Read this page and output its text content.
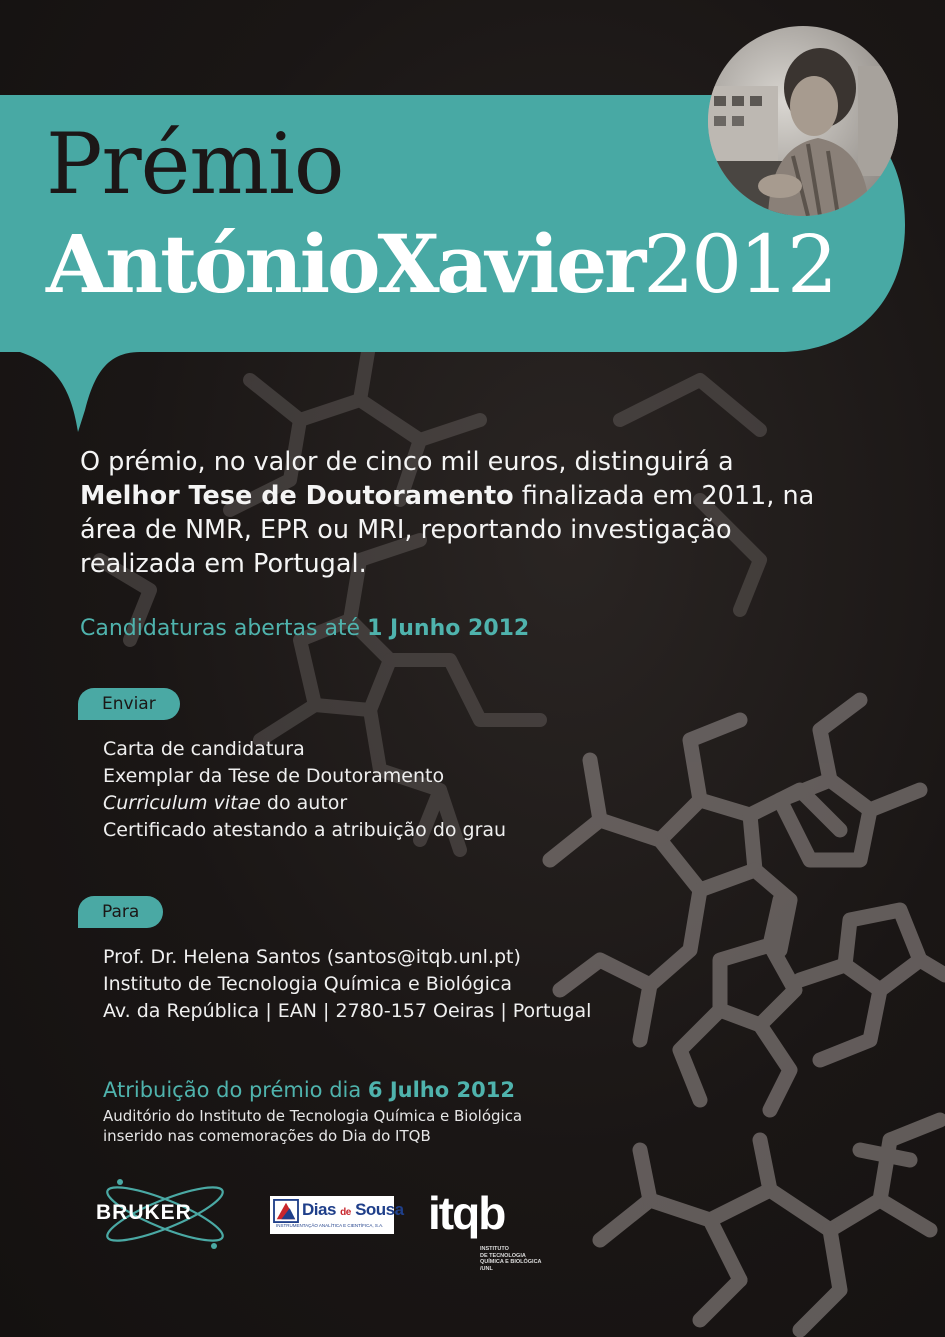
Prémio
AntónioXavier2012
O prémio, no valor de cinco mil euros, distinguirá a
Melhor Tese de Doutoramento finalizada em 2011, na área de NMR, EPR ou MRI, reportando investigação realizada em Portugal.
Candidaturas abertas até 1 Junho 2012
Enviar
Carta de candidatura
Exemplar da Tese de Doutoramento
Curriculum vitae do autor
Certificado atestando a atribuição do grau
Para
Prof. Dr. Helena Santos (santos@itqb.unl.pt)
Instituto de Tecnologia Química e Biológica
Av. da República | EAN | 2780-157 Oeiras | Portugal
Atribuição do prémio dia 6 Julho 2012
Auditório do Instituto de Tecnologia Química e Biológica
inserido nas comemorações do Dia do ITQB
BRUKER	Dias de Sousa
INSTRUMENTAÇÃO ANALÍTICA E CIENTÍFICA, S.A. itqb
INSTITUTO
DE TECNOLOGIA
QUÍMICA E BIOLÓGICA
/UNL
